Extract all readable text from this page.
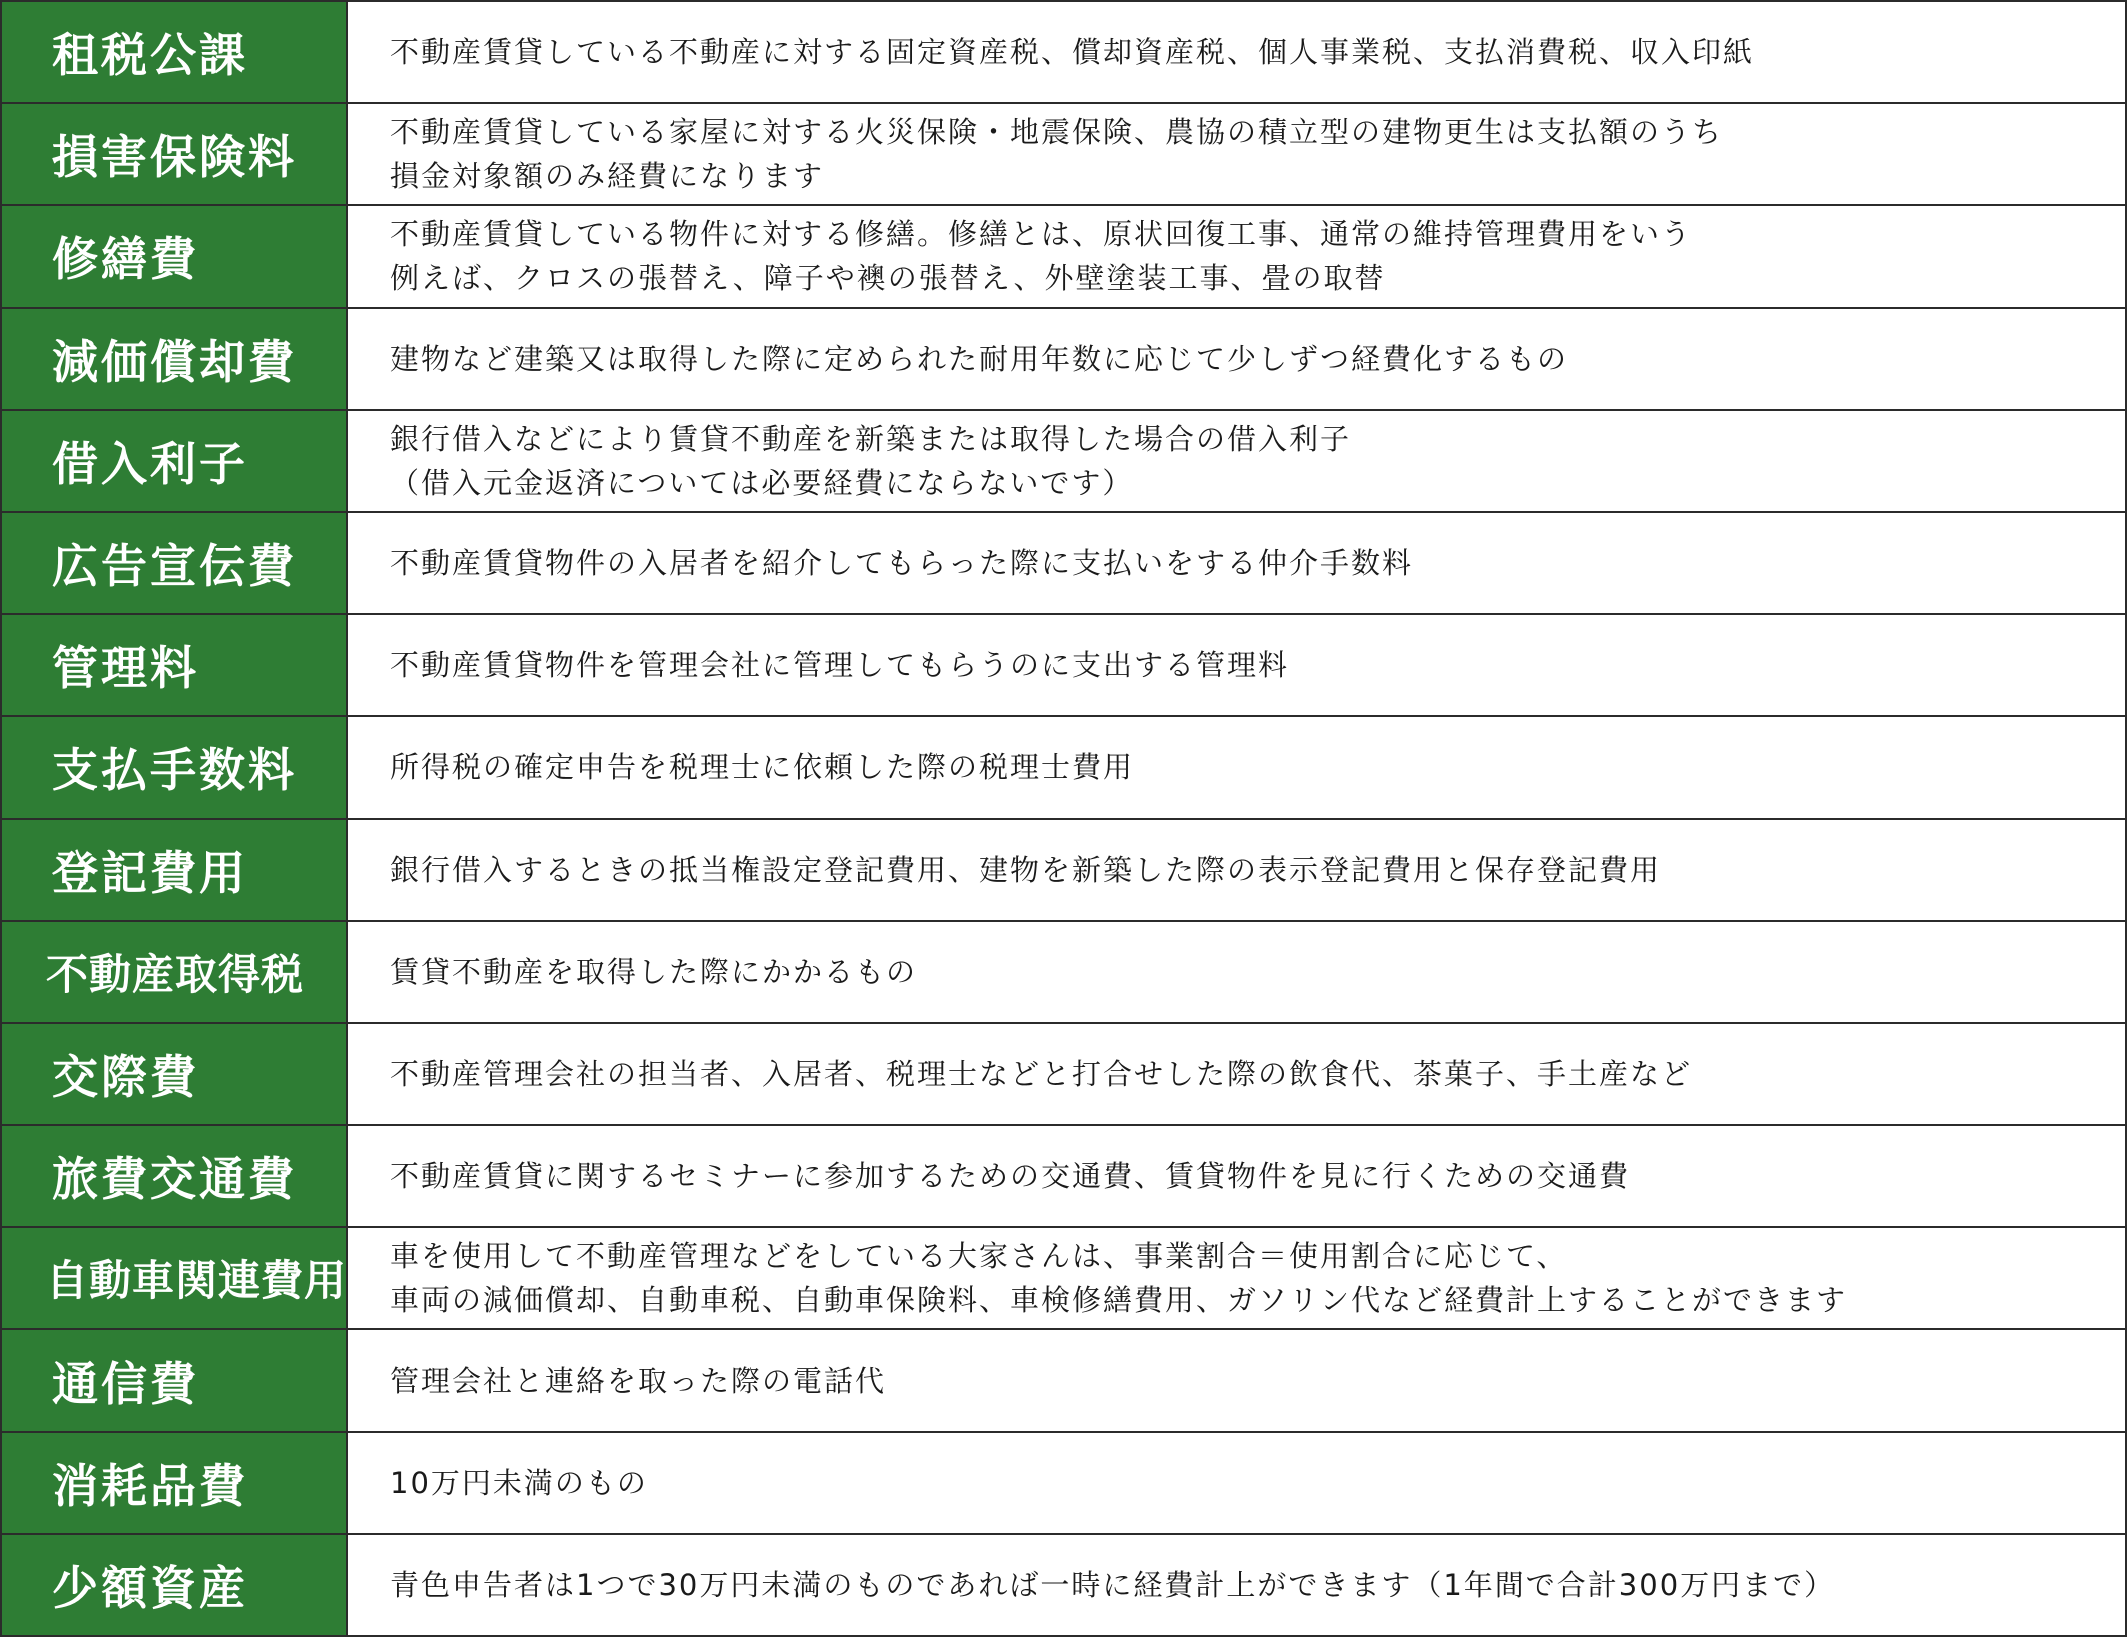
租税公課	不動産賃貸している不動産に対する固定資産税、償却資産税、個人事業税、支払消費税、収入印紙
損害保険料	不動産賃貸している家屋に対する火災保険・地震保険、農協の積立型の建物更生は支払額のうち
損金対象額のみ経費になります
修繕費	不動産賃貸している物件に対する修繕。修繕とは、原状回復工事、通常の維持管理費用をいう
例えば、クロスの張替え、障子や襖の張替え、外壁塗装工事、畳の取替
減価償却費	建物など建築又は取得した際に定められた耐用年数に応じて少しずつ経費化するもの
借入利子	銀行借入などにより賃貸不動産を新築または取得した場合の借入利子
（借入元金返済については必要経費にならないです）
広告宣伝費	不動産賃貸物件の入居者を紹介してもらった際に支払いをする仲介手数料
管理料	不動産賃貸物件を管理会社に管理してもらうのに支出する管理料
支払手数料	所得税の確定申告を税理士に依頼した際の税理士費用
登記費用	銀行借入するときの抵当権設定登記費用、建物を新築した際の表示登記費用と保存登記費用
不動産取得税	賃貸不動産を取得した際にかかるもの
交際費	不動産管理会社の担当者、入居者、税理士などと打合せした際の飲食代、茶菓子、手土産など
旅費交通費	不動産賃貸に関するセミナーに参加するための交通費、賃貸物件を見に行くための交通費
自動車関連費用 車を使用して不動産管理などをしている大家さんは、事業割合＝使用割合に応じて、
車両の減価償却、自動車税、自動車保険料、車検修繕費用、ガソリン代など経費計上することができます
通信費	管理会社と連絡を取った際の電話代
消耗品費	10万円未満のもの
少額資産	青色申告者は1つで30万円未満のものであれば一時に経費計上ができます（1年間で合計300万円まで）
